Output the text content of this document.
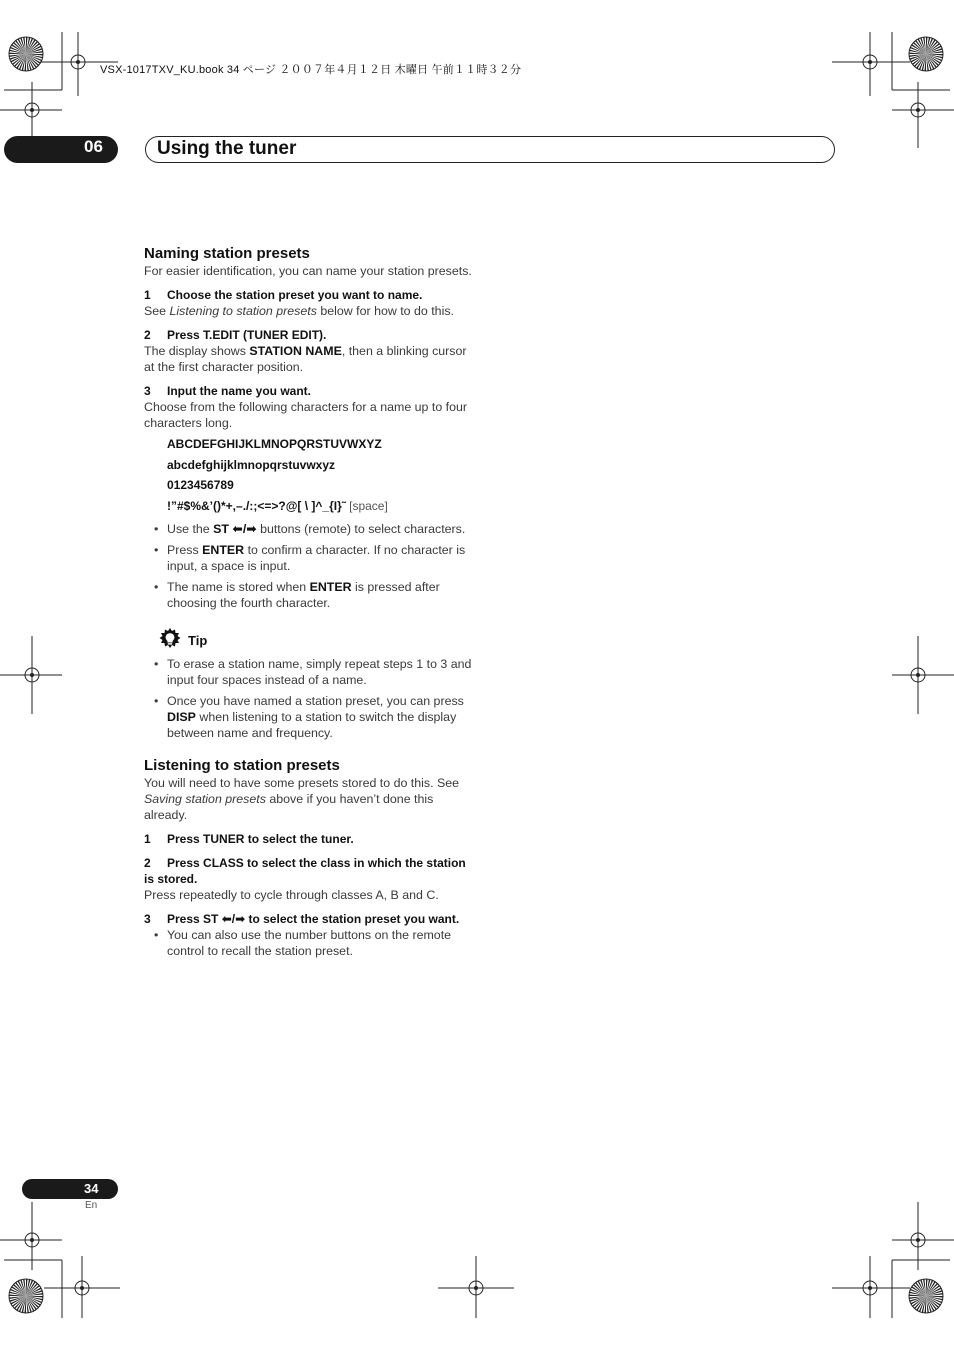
VSX-1017TXV_KU.book 34 ページ ２００７年４月１２日 木曜日 午前１１時３２分
06	Using the tuner
Naming station presets

For easier identification, you can name your station presets.

1 Choose the station preset you want to name.

See Listening to station presets below for how to do this.

2 Press T.EDIT (TUNER EDIT).

The display shows STATION NAME, then a blinking cursor at the first character position.

3 Input the name you want.

Choose from the following characters for a name up to four characters long.

ABCDEFGHIJKLMNOPQRSTUVWXYZ

abcdefghijklmnopqrstuvwxyz

0123456789

!”#$%&’()*+,–./:;<=>?@[ \ ]^_{I}˜ [space]

• Use the ST ⬅/➡ buttons (remote) to select characters.
• Press ENTER to confirm a character. If no character is input, a space is input.
• The name is stored when ENTER is pressed after choosing the fourth character.
Tip
• To erase a station name, simply repeat steps 1 to 3 and input four spaces instead of a name.
• Once you have named a station preset, you can press DISP when listening to a station to switch the display between name and frequency.
Listening to station presets

You will need to have some presets stored to do this. See Saving station presets above if you haven’t done this already.

1 Press TUNER to select the tuner.

2 Press CLASS to select the class in which the station is stored.

Press repeatedly to cycle through classes A, B and C.

3 Press ST ⬅/➡ to select the station preset you want.

• You can also use the number buttons on the remote control to recall the station preset.
34
En
